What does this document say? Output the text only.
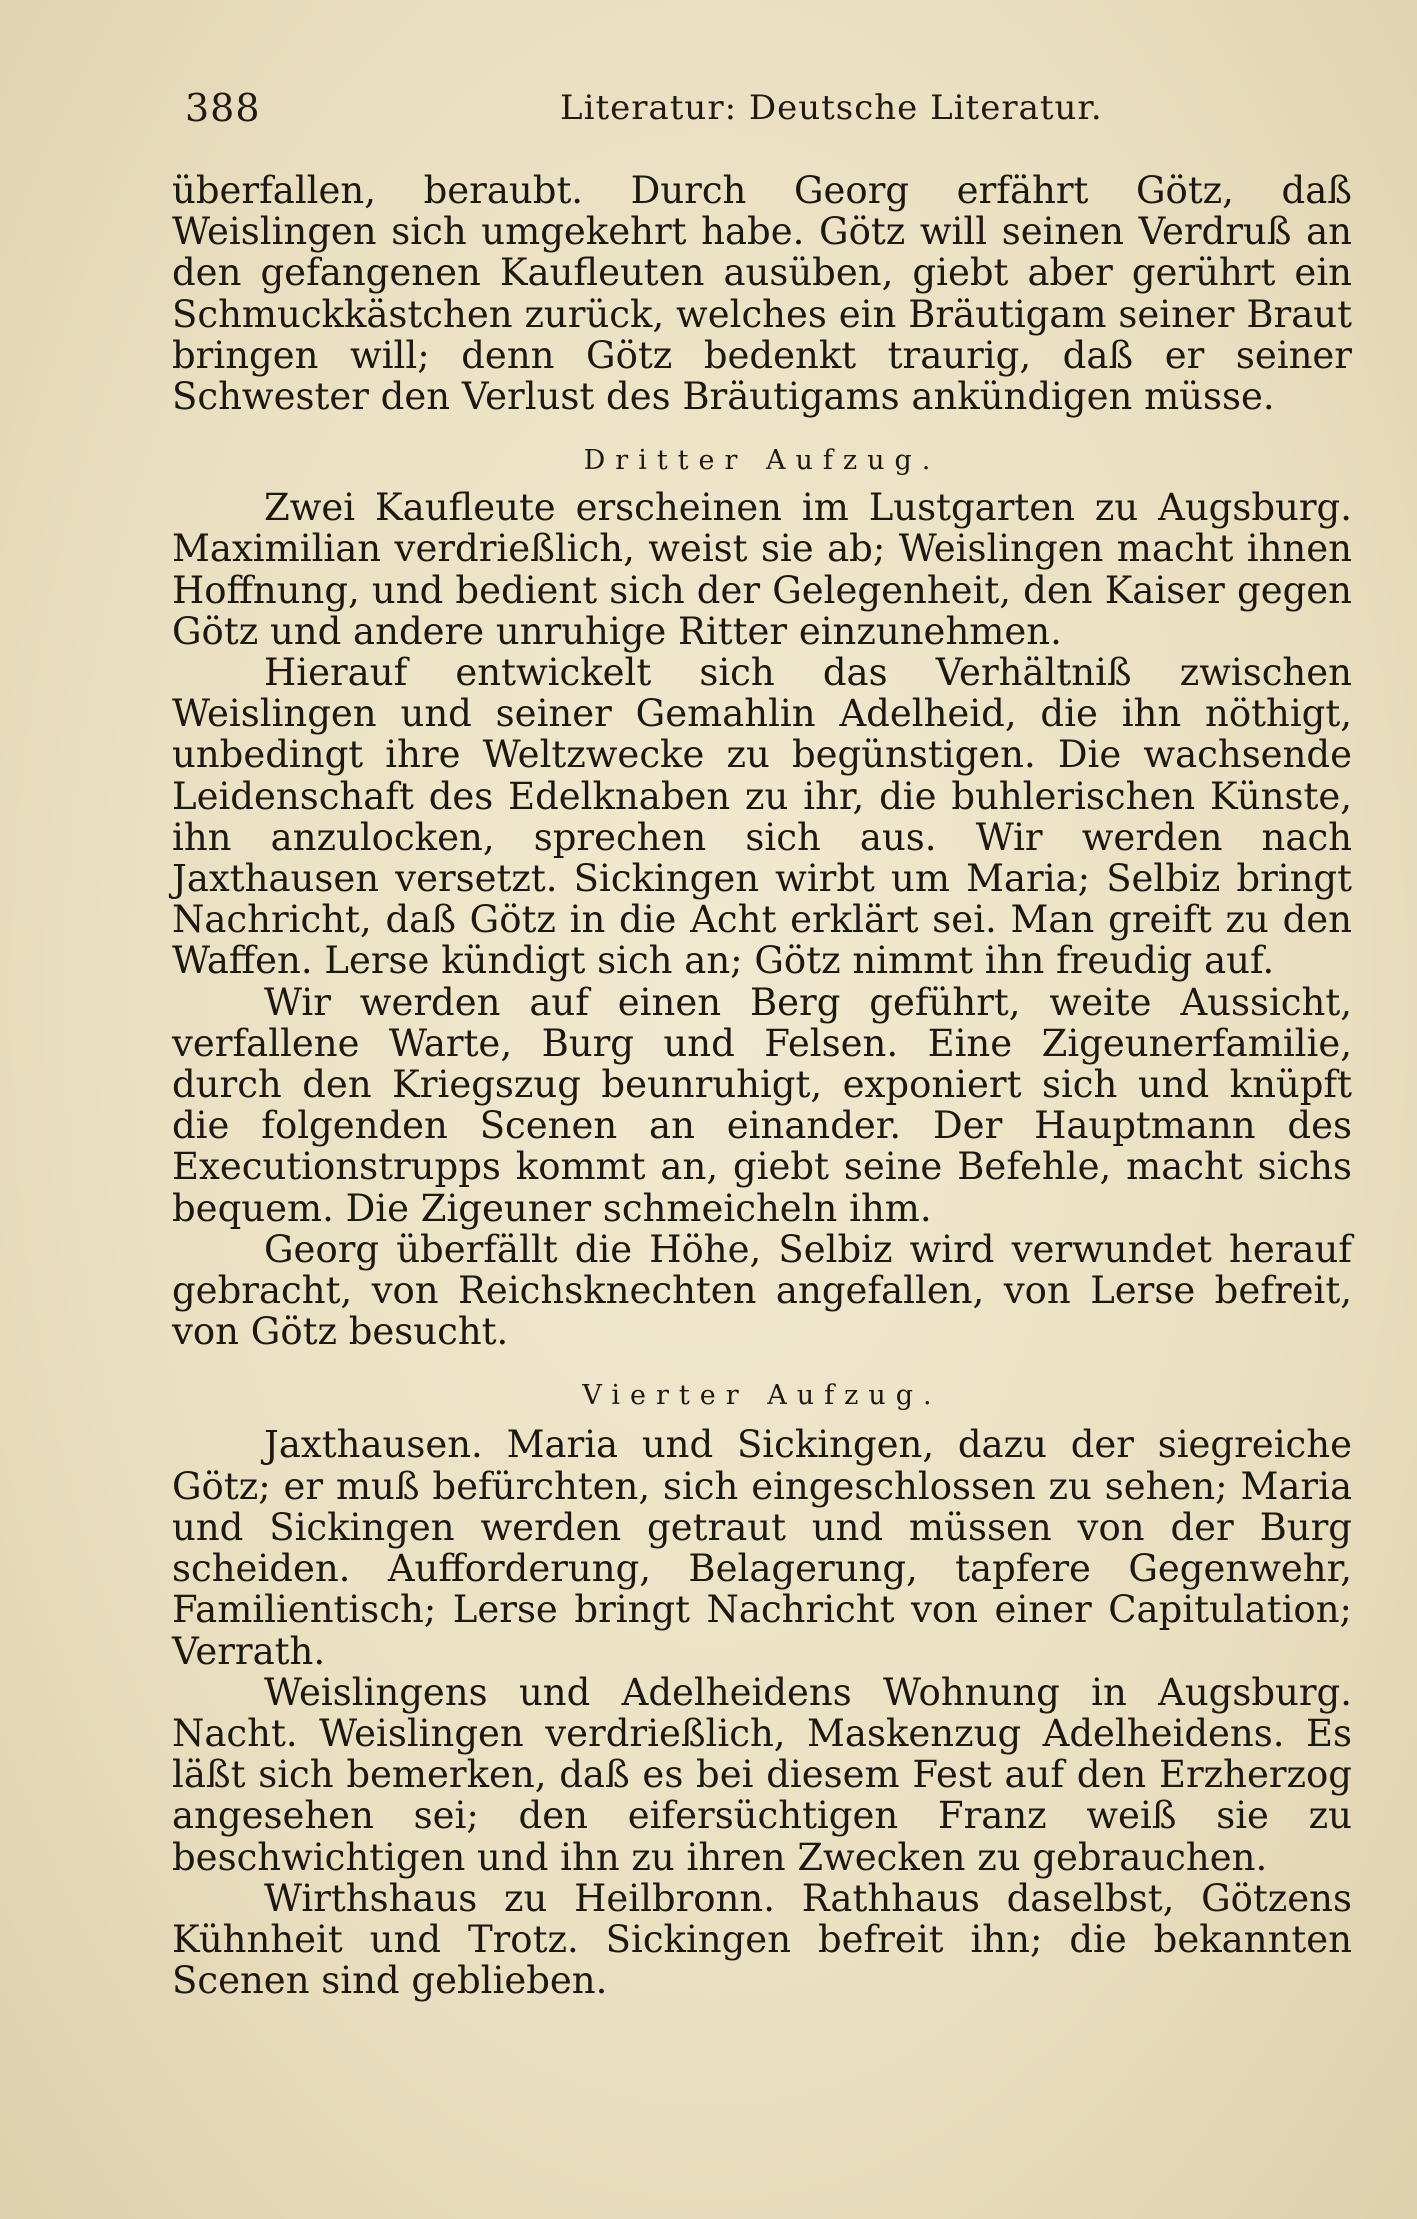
388	Literatur: Deutsche Literatur.

überfallen, beraubt. Durch Georg erfährt Götz, daß Weislingen sich umgekehrt habe. Götz will seinen Verdruß an den gefangenen Kaufleuten ausüben, giebt aber gerührt ein Schmuckkästchen zurück, welches ein Bräutigam seiner Braut bringen will; denn Götz bedenkt traurig, daß er seiner Schwester den Verlust des Bräutigams ankündigen müsse.

Dritter Aufzug.

Zwei Kaufleute erscheinen im Lustgarten zu Augsburg. Maximilian verdrießlich, weist sie ab; Weislingen macht ihnen Hoffnung, und bedient sich der Gelegenheit, den Kaiser gegen Götz und andere unruhige Ritter einzunehmen.

Hierauf entwickelt sich das Verhältniß zwischen Weislingen und seiner Gemahlin Adelheid, die ihn nöthigt, unbedingt ihre Weltzwecke zu begünstigen. Die wachsende Leidenschaft des Edelknaben zu ihr, die buhlerischen Künste, ihn anzulocken, sprechen sich aus. Wir werden nach Jaxthausen versetzt. Sickingen wirbt um Maria; Selbiz bringt Nachricht, daß Götz in die Acht erklärt sei. Man greift zu den Waffen. Lerse kündigt sich an; Götz nimmt ihn freudig auf.

Wir werden auf einen Berg geführt, weite Aussicht, verfallene Warte, Burg und Felsen. Eine Zigeunerfamilie, durch den Kriegszug beunruhigt, exponiert sich und knüpft die folgenden Scenen an einander. Der Hauptmann des Executionstrupps kommt an, giebt seine Befehle, macht sichs bequem. Die Zigeuner schmeicheln ihm.

Georg überfällt die Höhe, Selbiz wird verwundet herauf gebracht, von Reichsknechten angefallen, von Lerse befreit, von Götz besucht.

Vierter Aufzug.

Jaxthausen. Maria und Sickingen, dazu der siegreiche Götz; er muß befürchten, sich eingeschlossen zu sehen; Maria und Sickingen werden getraut und müssen von der Burg scheiden. Aufforderung, Belagerung, tapfere Gegenwehr, Familientisch; Lerse bringt Nachricht von einer Capitulation; Verrath.

Weislingens und Adelheidens Wohnung in Augsburg. Nacht. Weislingen verdrießlich, Maskenzug Adelheidens. Es läßt sich bemerken, daß es bei diesem Fest auf den Erzherzog angesehen sei; den eifersüchtigen Franz weiß sie zu beschwichtigen und ihn zu ihren Zwecken zu gebrauchen.

Wirthshaus zu Heilbronn. Rathhaus daselbst, Götzens Kühnheit und Trotz. Sickingen befreit ihn; die bekannten Scenen sind geblieben.
